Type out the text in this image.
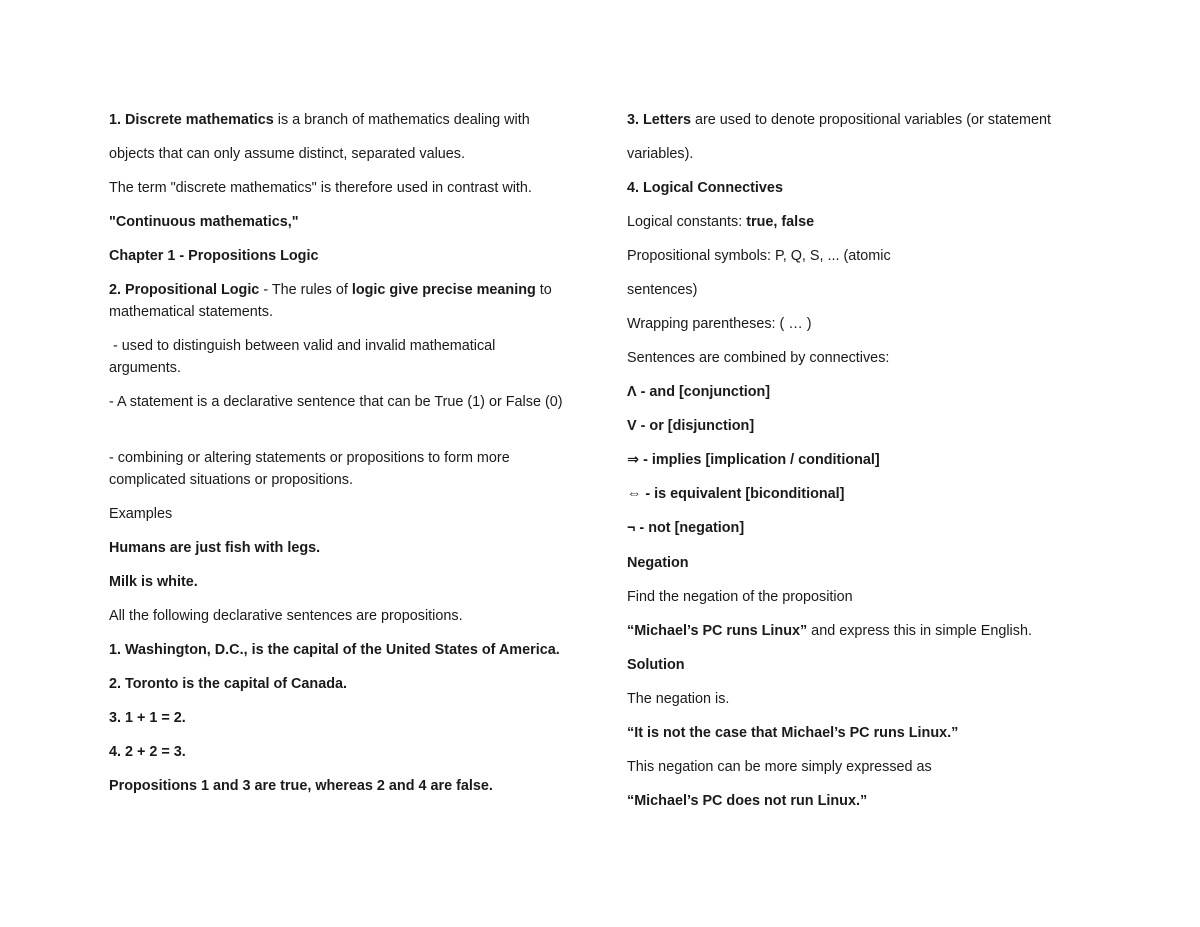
1. Discrete mathematics is a branch of mathematics dealing with
objects that can only assume distinct, separated values.
The term "discrete mathematics" is therefore used in contrast with.
"Continuous mathematics,"
Chapter 1 - Propositions Logic
2. Propositional Logic - The rules of logic give precise meaning to mathematical statements.
- used to distinguish between valid and invalid mathematical arguments.
- A statement is a declarative sentence that can be True (1) or False (0)
- combining or altering statements or propositions to form more complicated situations or propositions.
Examples
Humans are just fish with legs.
Milk is white.
All the following declarative sentences are propositions.
1. Washington, D.C., is the capital of the United States of America.
2. Toronto is the capital of Canada.
3. 1 + 1 = 2.
4. 2 + 2 = 3.
Propositions 1 and 3 are true, whereas 2 and 4 are false.
3. Letters are used to denote propositional variables (or statement
variables).
4. Logical Connectives
Logical constants: true, false
Propositional symbols: P, Q, S, ... (atomic
sentences)
Wrapping parentheses: ( … )
Sentences are combined by connectives:
Λ - and [conjunction]
V - or [disjunction]
⇒ - implies [implication / conditional]
⇔ - is equivalent [biconditional]
¬ - not [negation]
Negation
Find the negation of the proposition
“Michael’s PC runs Linux” and express this in simple English.
Solution
The negation is.
“It is not the case that Michael’s PC runs Linux.”
This negation can be more simply expressed as
“Michael’s PC does not run Linux.”
